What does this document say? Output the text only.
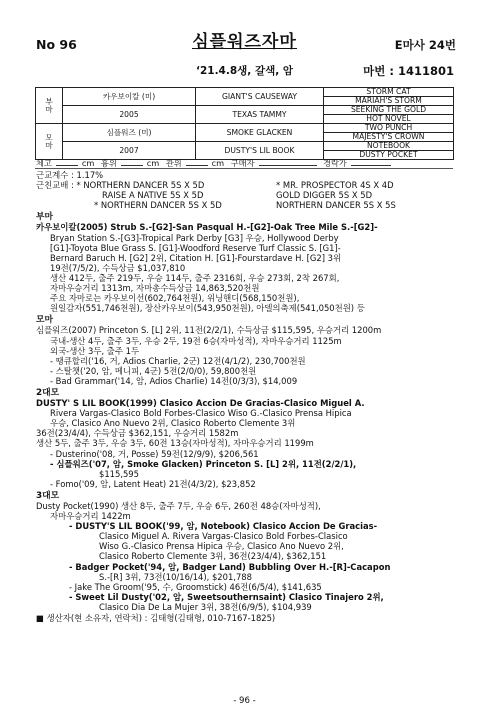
No 96	심플워즈자마	E마사 24번
‘21.4.8생, 갈색, 암	마번 : 1411801
부
마	카우보이칼 (미)	GIANT'S CAUSEWAY	STORM CAT
			MARIAH'S STORM
	2005	TEXAS TAMMY	SEEKING THE GOLD
			HOT NOVEL
모
마	심플워즈 (미)	SMOKE GLACKEN	TWO PUNCH
			MAJESTY'S CROWN
	2007	DUSTY'S LIL BOOK	NOTEBOOK
			DUSTY POCKET
체고	cm 흉위	cm 관위	cm 구매자	경락가
근교계수 : 1.17%
근친교배 : * NORTHERN DANCER 5S X 5D	* MR. PROSPECTOR 4S X 4D
RAISE A NATIVE 5S X 5D	GOLD DIGGER 5S X 5D
* NORTHERN DANCER 5S X 5D	NORTHERN DANCER 5S X 5S
부마
카우보이칼(2005) Strub S.-[G2]-San Pasqual H.-[G2]-Oak Tree Mile S.-[G2]-
Bryan Station S.-[G3]-Tropical Park Derby [G3] 우승, Hollywood Derby
[G1]-Toyota Blue Grass S. [G1]-Woodford Reserve Turf Classic S. [G1]-
Bernard Baruch H. [G2] 2위, Citation H. [G1]-Fourstardave H. [G2] 3위
19전(7/5/2), 수득상금 $1,037,810
생산 412두, 출주 219두, 우승 114두, 출주 2316회, 우승 273회, 2착 267회,
자마우승거리 1313m, 자마총수득상금 14,863,520천원
주요 자마로는 카우보이선(602,764천원), 위닝핸디(568,150천원),
원일감자(551,746천원), 장산카우보이(543,950천원), 아델의축제(541,050천원) 등
모마
심플워즈(2007) Princeton S. [L] 2위, 11전(2/2/1), 수득상금 $115,595, 우승거리 1200m
국내-생산 4두, 출주 3두, 우승 2두, 19전 6승(자마성적), 자마우승거리 1125m
외국-생산 3두, 출주 1두
- 땡큐할리('16, 거, Adios Charlie, 2군) 12전(4/1/2), 230,700천원
- 스탈챗('20, 암, 메니피, 4군) 5전(2/0/0), 59,800천원
- Bad Grammar('14, 암, Adios Charlie) 14전(0/3/3), $14,009
2대모
DUSTY' S LIL BOOK(1999) Clasico Accion De Gracias-Clasico Miguel A.
Rivera Vargas-Clasico Bold Forbes-Clasico Wiso G.-Clasico Prensa Hipica
우승, Clasico Ano Nuevo 2위, Clasico Roberto Clemente 3위
36전(23/4/4), 수득상금 $362,151, 우승거리 1582m
생산 5두, 출주 3두, 우승 3두, 60전 13승(자마성적), 자마우승거리 1199m
- Dusterino('08, 거, Posse) 59전(12/9/9), $206,561
- 심플워즈('07, 암, Smoke Glacken) Princeton S. [L] 2위, 11전(2/2/1),
$115,595
- Fomo('09, 암, Latent Heat) 21전(4/3/2), $23,852
3대모
Dusty Pocket(1990) 생산 8두, 출주 7두, 우승 6두, 260전 48승(자마성적),
자마우승거리 1422m
- DUSTY'S LIL BOOK('99, 암, Notebook) Clasico Accion De Gracias-
Clasico Miguel A. Rivera Vargas-Clasico Bold Forbes-Clasico
Wiso G.-Clasico Prensa Hipica 우승, Clasico Ano Nuevo 2위,
Clasico Roberto Clemente 3위, 36전(23/4/4), $362,151
- Badger Pocket('94, 암, Badger Land) Bubbling Over H.-[R]-Cacapon
S.-[R] 3위, 73전(10/16/14), $201,788
- Jake The Groom('95, 수, Groomstick) 46전(6/5/4), $141,635
- Sweet Lil Dusty('02, 암, Sweetsouthernsaint) Clasico Tinajero 2위,
Clasico Dia De La Mujer 3위, 38전(6/9/5), $104,939
■ 생산자(현 소유자, 연락처) : 김태형(김태형, 010-7167-1825)
- 96 -
